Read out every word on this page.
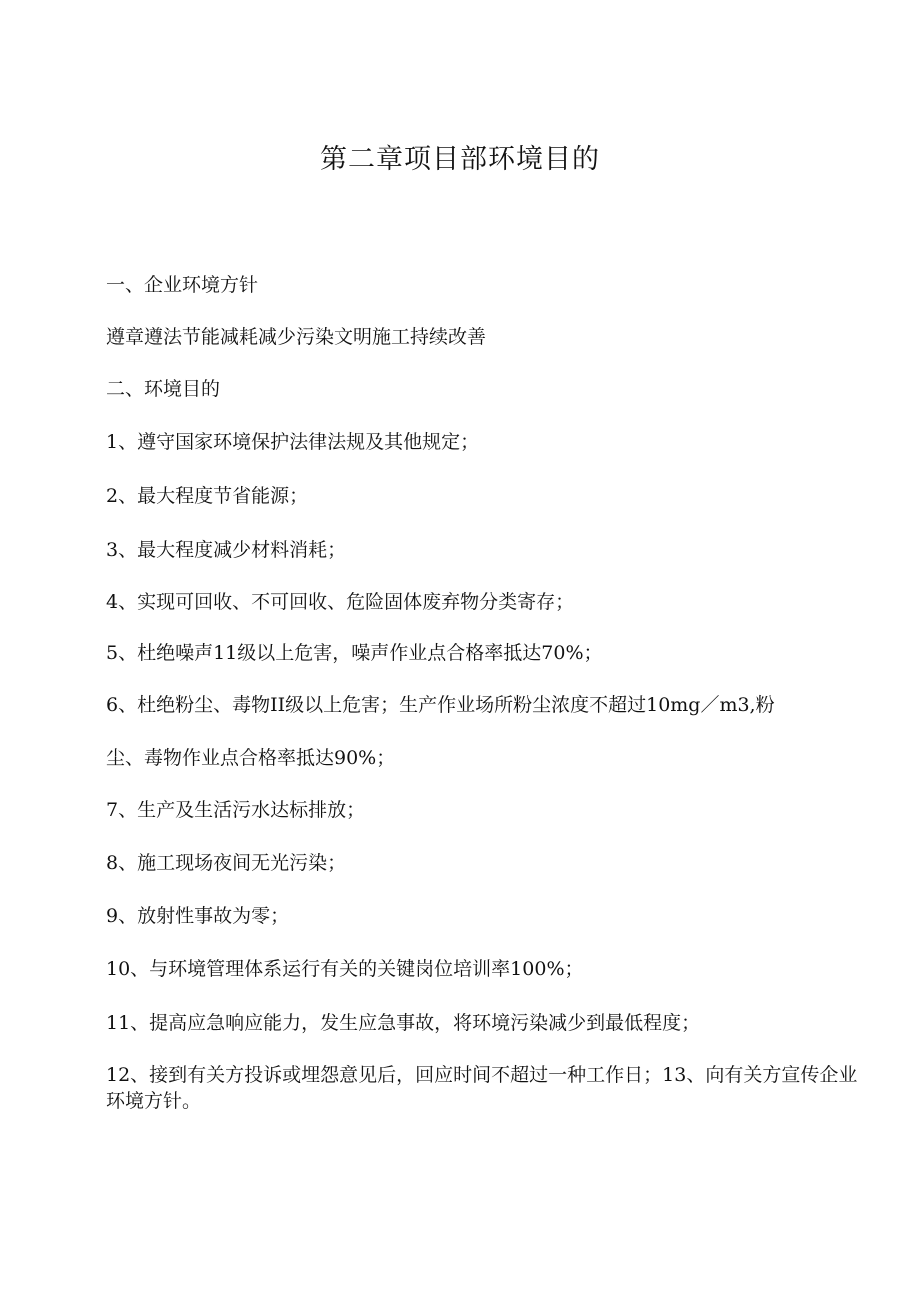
第二章项目部环境目的
一、企业环境方针
遵章遵法节能减耗减少污染文明施工持续改善
二、环境目的
1、遵守国家环境保护法律法规及其他规定；
2、最大程度节省能源；
3、最大程度减少材料消耗；
4、实现可回收、不可回收、危险固体废弃物分类寄存；
5、杜绝噪声11级以上危害，噪声作业点合格率抵达70%；
6、杜绝粉尘、毒物II级以上危害；生产作业场所粉尘浓度不超过10mg／m3,粉
尘、毒物作业点合格率抵达90%；
7、生产及生活污水达标排放；
8、施工现场夜间无光污染；
9、放射性事故为零；
10、与环境管理体系运行有关的关键岗位培训率100%；
11、提高应急响应能力，发生应急事故，将环境污染减少到最低程度；
12、接到有关方投诉或埋怨意见后，回应时间不超过一种工作日；13、向有关方宣传企业环境方针。
